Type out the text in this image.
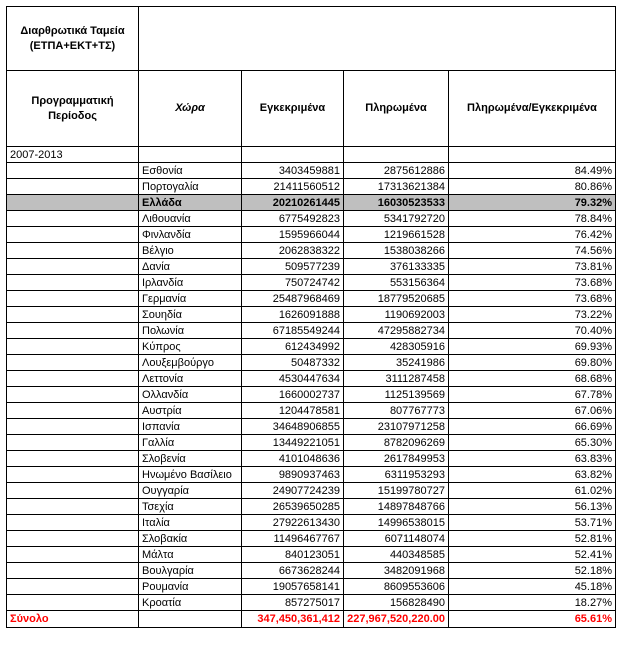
Διαρθρωτικά Ταμεία
(ΕΤΠΑ+ΕΚΤ+ΤΣ)				
Προγραμματική Περίοδος	Χώρα	Εγκεκριμένα	Πληρωμένα	Πληρωμένα/Εγκεκριμένα
2007-2013				
	Εσθονία	3403459881	2875612886	84.49%
	Πορτογαλία	21411560512	17313621384	80.86%
	Ελλάδα	20210261445	16030523533	79.32%
	Λιθουανία	6775492823	5341792720	78.84%
	Φινλανδία	1595966044	1219661528	76.42%
	Βέλγιο	2062838322	1538038266	74.56%
	Δανία	509577239	376133335	73.81%
	Ιρλανδία	750724742	553156364	73.68%
	Γερμανία	25487968469	18779520685	73.68%
	Σουηδία	1626091888	1190692003	73.22%
	Πολωνία	67185549244	47295882734	70.40%
	Κύπρος	612434992	428305916	69.93%
	Λουξεμβούργο	50487332	35241986	69.80%
	Λεττονία	4530447634	3111287458	68.68%
	Ολλανδία	1660002737	1125139569	67.78%
	Αυστρία	1204478581	807767773	67.06%
	Ισπανία	34648906855	23107971258	66.69%
	Γαλλία	13449221051	8782096269	65.30%
	Σλοβενία	4101048636	2617849953	63.83%
	Ηνωμένο Βασίλειο	9890937463	6311953293	63.82%
	Ουγγαρία	24907724239	15199780727	61.02%
	Τσεχία	26539650285	14897848766	56.13%
	Ιταλία	27922613430	14996538015	53.71%
	Σλοβακία	11496467767	6071148074	52.81%
	Μάλτα	840123051	440348585	52.41%
	Βουλγαρία	6673628244	3482091968	52.18%
	Ρουμανία	19057658141	8609553606	45.18%
	Κροατία	857275017	156828490	18.27%
Σύνολο		347,450,361,412	227,967,520,220.00	65.61%
